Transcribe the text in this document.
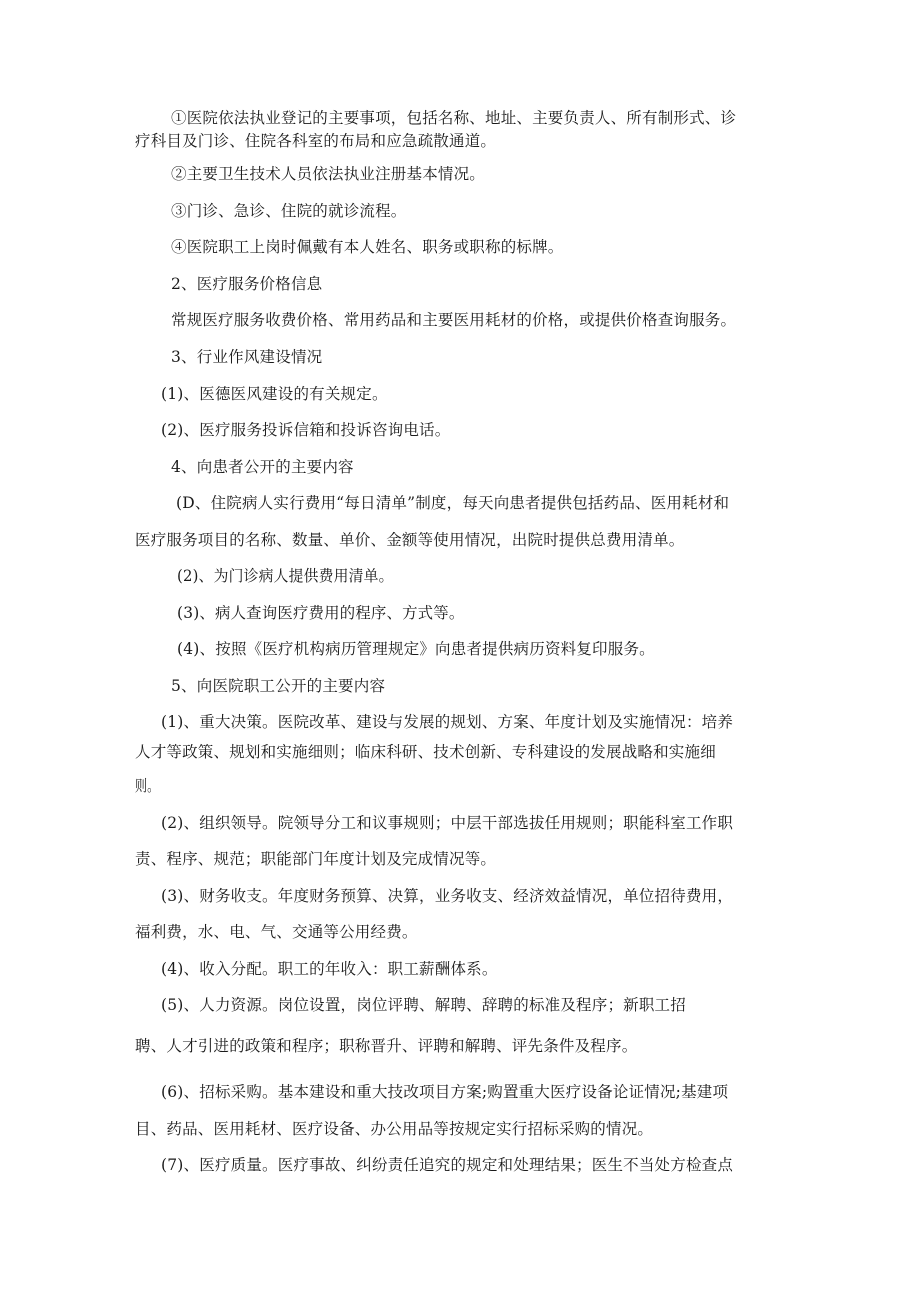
①医院依法执业登记的主要事项，包括名称、地址、主要负责人、所有制形式、诊
疗科目及门诊、住院各科室的布局和应急疏散通道。
②主要卫生技术人员依法执业注册基本情况。
③门诊、急诊、住院的就诊流程。
④医院职工上岗时佩戴有本人姓名、职务或职称的标牌。
2、医疗服务价格信息
常规医疗服务收费价格、常用药品和主要医用耗材的价格，或提供价格查询服务。
3、行业作风建设情况
(1)、医德医风建设的有关规定。
(2)、医疗服务投诉信箱和投诉咨询电话。
4、向患者公开的主要内容
(D、住院病人实行费用“每日清单”制度，每天向患者提供包括药品、医用耗材和
医疗服务项目的名称、数量、单价、金额等使用情况，出院时提供总费用清单。
(2)、为门诊病人提供费用清单。
(3)、病人查询医疗费用的程序、方式等。
(4)、按照《医疗机构病历管理规定》向患者提供病历资料复印服务。
5、向医院职工公开的主要内容
(1)、重大决策。医院改革、建设与发展的规划、方案、年度计划及实施情况：培养
人才等政策、规划和实施细则；临床科研、技术创新、专科建设的发展战略和实施细
则。
(2)、组织领导。院领导分工和议事规则；中层干部选拔任用规则；职能科室工作职
责、程序、规范；职能部门年度计划及完成情况等。
(3)、财务收支。年度财务预算、决算，业务收支、经济效益情况，单位招待费用，
福利费，水、电、气、交通等公用经费。
(4)、收入分配。职工的年收入：职工薪酬体系。
(5)、人力资源。岗位设置，岗位评聘、解聘、辞聘的标准及程序；新职工招
聘、人才引进的政策和程序；职称晋升、评聘和解聘、评先条件及程序。
(6)、招标采购。基本建设和重大技改项目方案;购置重大医疗设备论证情况;基建项
目、药品、医用耗材、医疗设备、办公用品等按规定实行招标采购的情况。
(7)、医疗质量。医疗事故、纠纷责任追究的规定和处理结果；医生不当处方检查点
